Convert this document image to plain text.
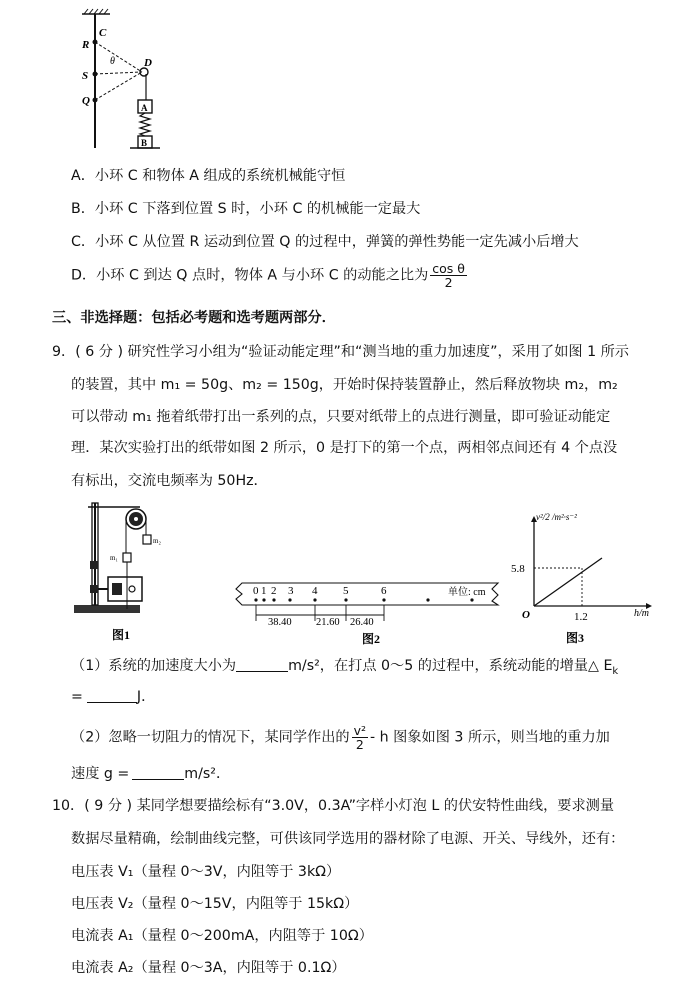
R
C
S
Q
D
θ
A
B
A．小环 C 和物体 A 组成的系统机械能守恒
B．小环 C 下落到位置 S 时，小环 C 的机械能一定最大
C．小环 C 从位置 R 运动到位置 Q 的过程中，弹簧的弹性势能一定先减小后增大
D．小环 C 到达 Q 点时，物体 A 与小环 C 的动能之比为 $\frac{\text{cos θ}}{2}$
三、非选择题：包括必考题和选考题两部分．
9．( 6 分 ) 研究性学习小组为“验证动能定理”和“测当地的重力加速度”，采用了如图 1 所示
的装置，其中 m₁ = 50g、m₂ = 150g，开始时保持装置静止，然后释放物块 m₂，m₂
可以带动 m₁ 拖着纸带打出一系列的点，只要对纸带上的点进行测量，即可验证动能定
理．某次实验打出的纸带如图 2 所示，0 是打下的第一个点，两相邻点间还有 4 个点没
有标出，交流电频率为 50Hz．
m₂
m₁
图1
0 1 2 3 4 5	6	单位: cm
38.40 21.60 26.40
图2
v²/2 /m²·s⁻²
h/m
O
5.8
1.2
图3
（1）系统的加速度大小为	m/s²，在打点 0～5 的过程中，系统动能的增量△ $E_k$
=	J．
（2）忽略一切阻力的情况下，某同学作出的 $\frac{\text{v²}}{2}$ - h 图象如图 3 所示，则当地的重力加
速度 g =	m/s²．
10．( 9 分 ) 某同学想要描绘标有“3.0V，0.3A”字样小灯泡 L 的伏安特性曲线，要求测量
数据尽量精确，绘制曲线完整，可供该同学选用的器材除了电源、开关、导线外，还有：
电压表 V₁（量程 0～3V，内阻等于 3kΩ）
电压表 V₂（量程 0～15V，内阻等于 15kΩ）
电流表 A₁（量程 0～200mA，内阻等于 10Ω）
电流表 A₂（量程 0～3A，内阻等于 0.1Ω）
